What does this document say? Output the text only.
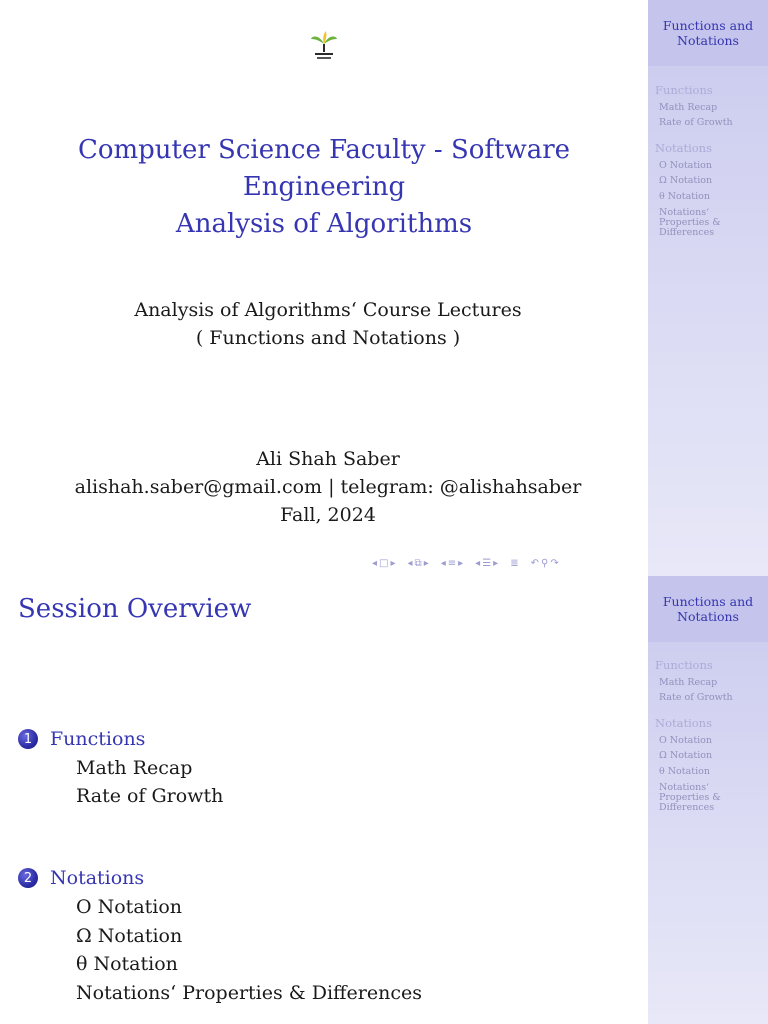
Computer Science Faculty - Software
Engineering
Analysis of Algorithms
Analysis of Algorithms‘ Course Lectures
( Functions and Notations )
Ali Shah Saber
alishah.saber@gmail.com | telegram: @alishahsaber
Fall, 2024
◂ □ ▸ ◂ ⧉ ▸ ◂ ≡ ▸ ◂ ☰ ▸ ≣ ↶ ⚲ ↷
Functions and Notations
Functions
Math Recap
Rate of Growth
Notations
O Notation
Ω Notation
θ Notation
Notations‘ Properties & Differences
Session Overview
1 Functions
Math Recap
Rate of Growth
2 Notations
O Notation
Ω Notation
θ Notation
Notations‘ Properties & Differences
Functions and Notations
Functions
Math Recap
Rate of Growth
Notations
O Notation
Ω Notation
θ Notation
Notations‘ Properties & Differences
